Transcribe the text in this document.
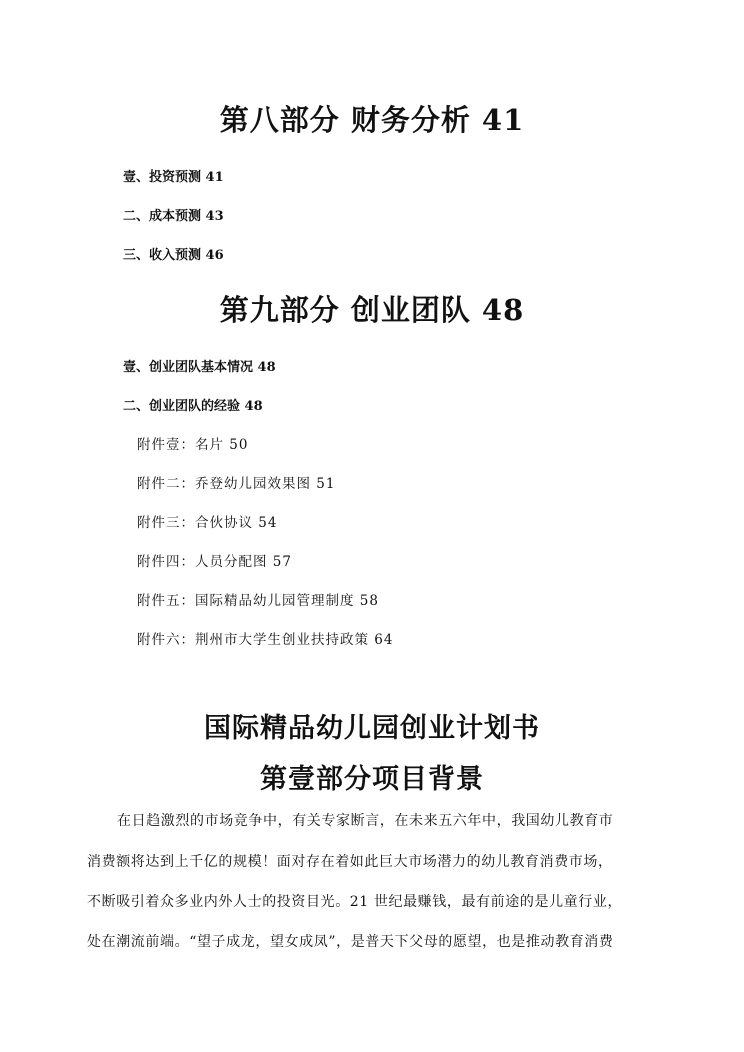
第八部分 财务分析 41
壹、投资预测 41
二、成本预测 43
三、收入预测 46
第九部分 创业团队 48
壹、创业团队基本情况 48
二、创业团队的经验 48
附件壹：名片 50
附件二：乔登幼儿园效果图 51
附件三：合伙协议 54
附件四：人员分配图 57
附件五：国际精品幼儿园管理制度 58
附件六：荆州市大学生创业扶持政策 64
国际精品幼儿园创业计划书
第壹部分项目背景
在日趋激烈的市场竞争中，有关专家断言，在未来五六年中，我国幼儿教育市
消费额将达到上千亿的规模！面对存在着如此巨大市场潜力的幼儿教育消费市场，
不断吸引着众多业内外人士的投资目光。21 世纪最赚钱，最有前途的是儿童行业，
处在潮流前端。“望子成龙，望女成凤”，是普天下父母的愿望，也是推动教育消费
